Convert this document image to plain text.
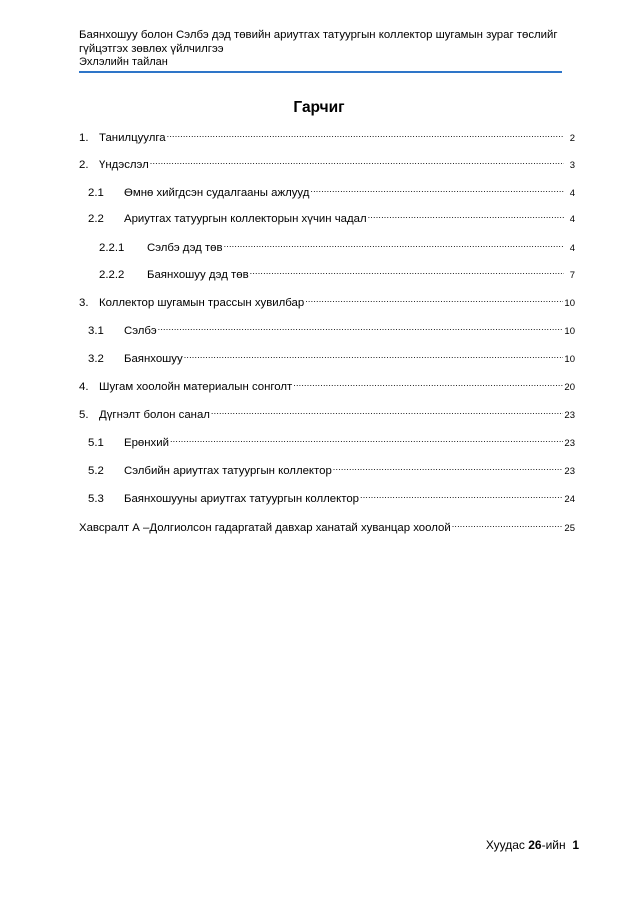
Баянхошуу болон Сэлбэ дэд төвийн ариутгах татуургын коллектор шугамын зураг төслийг
гүйцэтгэх зөвлөх үйлчилгээ
Эхлэлийн тайлан
Гарчиг
1. Танилцуулга .....	2
2. Үндэслэл .....	3
2.1	Өмнө хийгдсэн судалгааны ажлууд .....	4
2.2	Ариутгах татуургын коллекторын хүчин чадал .....	4
2.2.1	Сэлбэ дэд төв .....	4
2.2.2	Баянхошуу дэд төв .....	7
3. Коллектор шугамын трассын хувилбар .....	10
3.1	Сэлбэ .....	10
3.2	Баянхошуу .....	10
4. Шугам хоолойн материалын сонголт .....	20
5. Дүгнэлт болон санал .....	23
5.1	Ерөнхий .....	23
5.2	Сэлбийн ариутгах татуургын коллектор .....	23
5.3	Баянхошууны ариутгах татуургын коллектор .....	24
Хавсралт А –Долгиолсон гадаргатай давхар ханатай хуванцар хоолой .....	25
Хуудас 26-ийн 1
